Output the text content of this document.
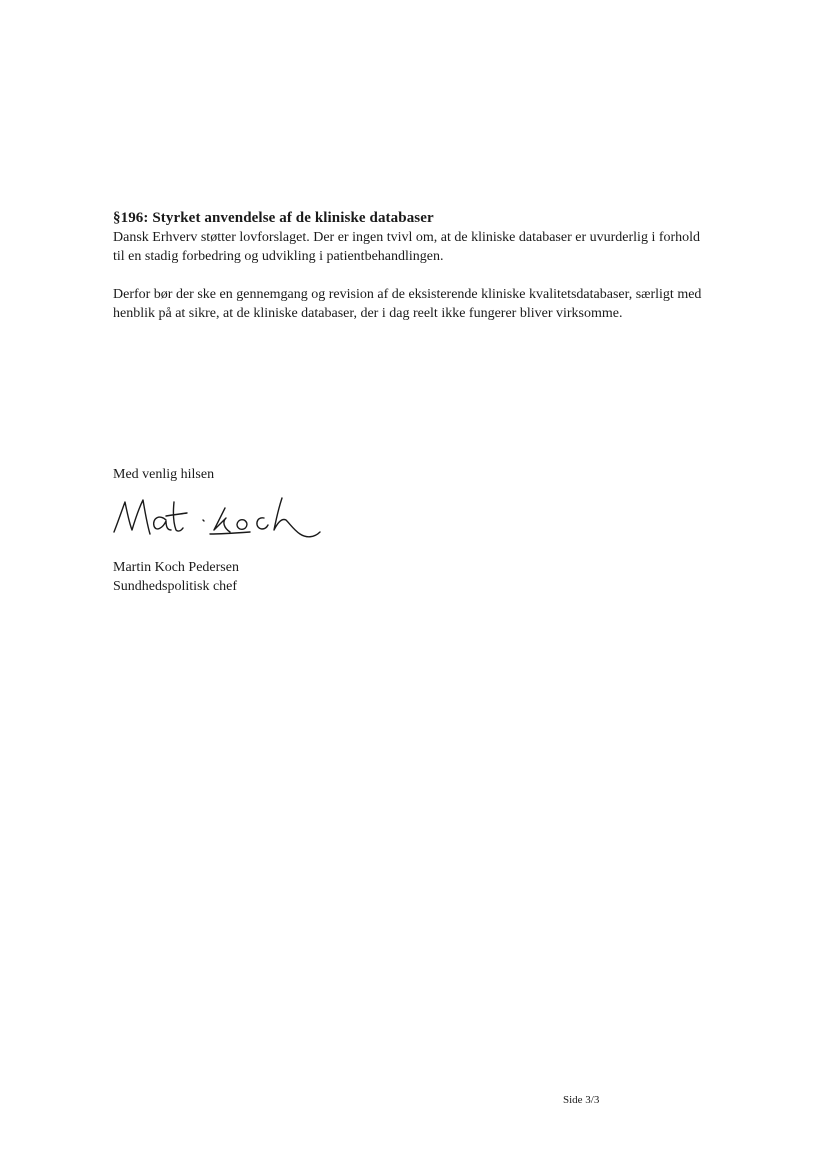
§196: Styrket anvendelse af de kliniske databaser

Dansk Erhverv støtter lovforslaget. Der er ingen tvivl om, at de kliniske databaser er uvurderlig i forhold til en stadig forbedring og udvikling i patientbehandlingen.

Derfor bør der ske en gennemgang og revision af de eksisterende kliniske kvalitetsdatabaser, særligt med henblik på at sikre, at de kliniske databaser, der i dag reelt ikke fungerer bliver virksomme.

Med venlig hilsen
Martin Koch Pedersen
Sundhedspolitisk chef
Side 3/3
